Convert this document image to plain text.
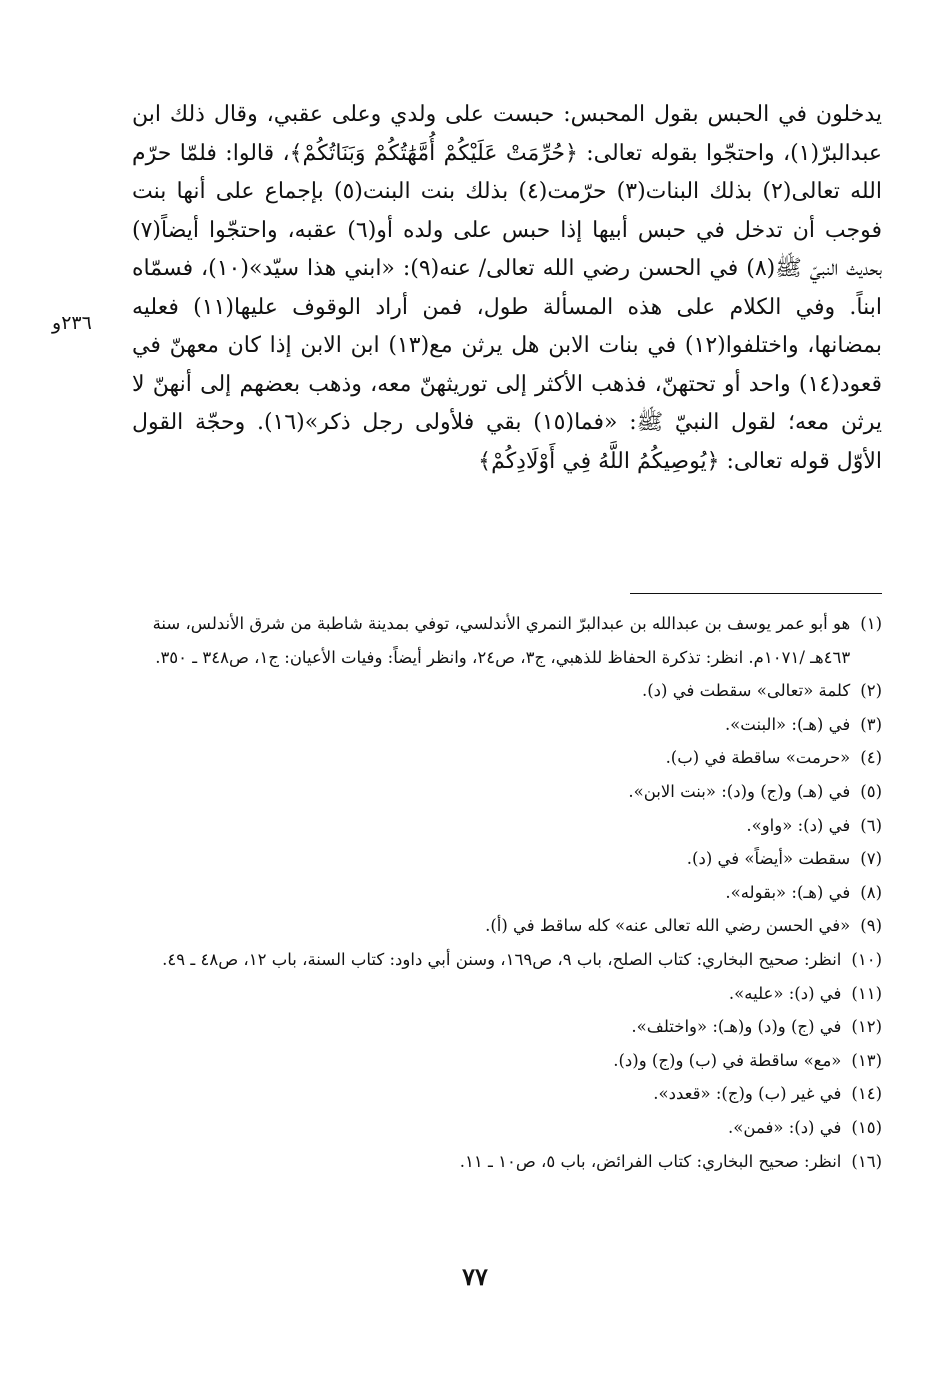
يدخلون في الحبس بقول المحبس: حبست على ولدي وعلى عقبي، وقال ذلك ابن عبدالبرّ(١)، واحتجّوا بقوله تعالى: ﴿حُرِّمَتْ عَلَيْكُمْ أُمَّهَٰتُكُمْ وَبَنَاتُكُمْ﴾، قالوا: فلمّا حرّم الله تعالى(٢) بذلك البنات(٣) حرّمت(٤) بذلك بنت البنت(٥) بإجماع على أنها بنت فوجب أن تدخل في حبس أبيها إذا حبس على ولده أو(٦) عقبه، واحتجّوا أيضاً(٧) بحديث النبيّ ﷺ(٨) في الحسن رضي الله تعالى/ عنه(٩): «ابني هذا سيّد»(١٠)، فسمّاه ابناً. وفي الكلام على هذه المسألة طول، فمن أراد الوقوف عليها(١١) فعليه بمضانها، واختلفوا(١٢) في بنات الابن هل يرثن مع(١٣) ابن الابن إذا كان معهنّ في قعود(١٤) واحد أو تحتهنّ، فذهب الأكثر إلى توريثهنّ معه، وذهب بعضهم إلى أنهنّ لا يرثن معه؛ لقول النبيّ ﷺ: «فما(١٥) بقي فلأولى رجل ذكر»(١٦). وحجّة القول الأوّل قوله تعالى: ﴿يُوصِيكُمُ اللَّهُ فِي أَوْلَادِكُمْ﴾

٢٣٦و
(١)
هو أبو عمر يوسف بن عبدالله بن عبدالبرّ النمري الأندلسي، توفي بمدينة شاطبة من شرق الأندلس، سنة ٤٦٣هـ /١٠٧١م. انظر: تذكرة الحفاظ للذهبي، ج٣، ص٢٤، وانظر أيضاً: وفيات الأعيان: ج١، ص٣٤٨ ـ ٣٥٠.
(٢)
كلمة «تعالى» سقطت في (د).
(٣)
في (هـ): «البنت».
(٤)
«حرمت» ساقطة في (ب).
(٥)
في (هـ) و(ج) و(د): «بنت الابن».
(٦)
في (د): «واو».
(٧)
سقطت «أيضاً» في (د).
(٨)
في (هـ): «بقوله».
(٩)
«في الحسن رضي الله تعالى عنه» كله ساقط في (أ).
(١٠)
انظر: صحيح البخاري: كتاب الصلح، باب ٩، ص١٦٩، وسنن أبي داود: كتاب السنة، باب ١٢، ص٤٨ ـ ٤٩.
(١١)
في (د): «عليه».
(١٢)
في (ج) و(د) و(هـ): «واختلف».
(١٣)
«مع» ساقطة في (ب) و(ج) و(د).
(١٤)
في غير (ب) و(ج): «قعدد».
(١٥)
في (د): «فمن».
(١٦)
انظر: صحيح البخاري: كتاب الفرائض، باب ٥، ص١٠ ـ ١١.
٧٧
